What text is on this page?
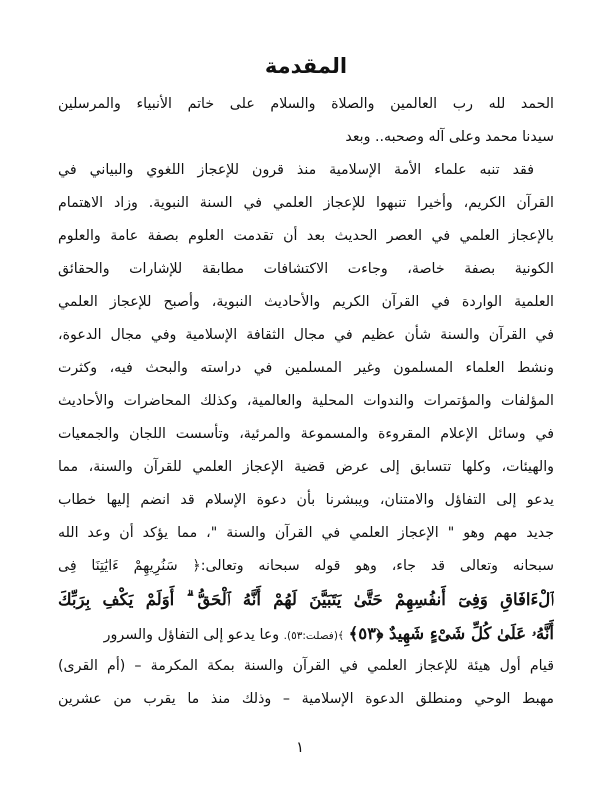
المقدمة
الحمد لله رب العالمين والصلاة والسلام على خاتم الأنبياء والمرسلين
سيدنا محمد وعلى آله وصحبه.. وبعد
فقد تنبه علماء الأمة الإسلامية منذ قرون للإعجاز اللغوي والبياني في
القرآن الكريم، وأخيرا تنبهوا للإعجاز العلمي في السنة النبوية. وزاد الاهتمام
بالإعجاز العلمي في العصر الحديث بعد أن تقدمت العلوم بصفة عامة والعلوم
الكونية بصفة خاصة، وجاءت الاكتشافات مطابقة للإشارات والحقائق
العلمية الواردة في القرآن الكريم والأحاديث النبوية، وأصبح للإعجاز العلمي
في القرآن والسنة شأن عظيم في مجال الثقافة الإسلامية وفي مجال الدعوة،
ونشط العلماء المسلمون وغير المسلمين في دراسته والبحث فيه، وكثرت
المؤلفات والمؤتمرات والندوات المحلية والعالمية، وكذلك المحاضرات والأحاديث
في وسائل الإعلام المقروءة والمسموعة والمرئية، وتأسست اللجان والجمعيات
والهيئات، وكلها تتسابق إلى عرض قضية الإعجاز العلمي للقرآن والسنة، مما
يدعو إلى التفاؤل والامتنان، ويبشرنا بأن دعوة الإسلام قد انضم إليها خطاب
جديد مهم وهو " الإعجاز العلمي في القرآن والسنة "، مما يؤكد أن وعد الله
سبحانه وتعالى قد جاء، وهو قوله سبحانه وتعالى:﴿ سَنُرِيهِمْ ءَايَٰتِنَا فِى
ٱلْءَافَاقِ وَفِىٓ أَنفُسِهِمْ حَتَّىٰ يَتَبَيَّنَ لَهُمْ أَنَّهُ ٱلْحَقُّ ۗ أَوَلَمْ يَكْفِ بِرَبِّكَ
أَنَّهُۥ عَلَىٰ كُلِّ شَىْءٍ شَهِيدٌ ﴿٥٣﴾ ﴾(فصلت:٥٣). وعا يدعو إلى التفاؤل والسرور
قيام أول هيئة للإعجاز العلمي في القرآن والسنة بمكة المكرمة – (أم القرى)
مهبط الوحي ومنطلق الدعوة الإسلامية – وذلك منذ ما يقرب من عشرين
١
